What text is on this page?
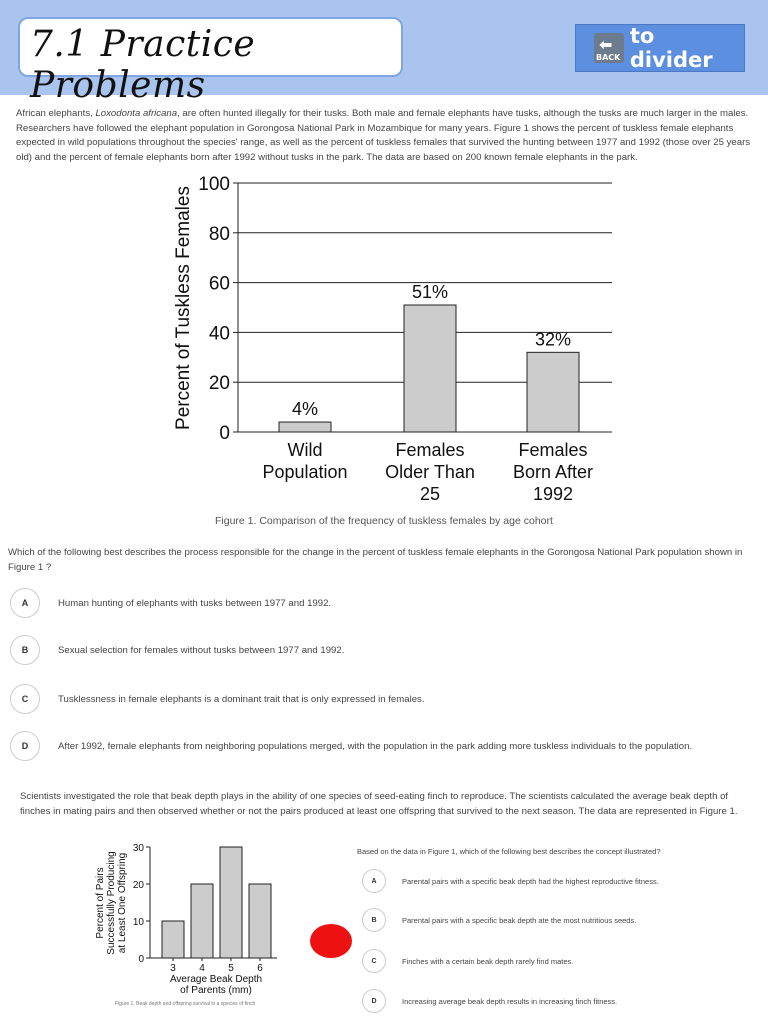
7.1 Practice Problems
⬅
BACK
to divider
African elephants, Loxodonta africana, are often hunted illegally for their tusks. Both male and female elephants have tusks, although the tusks are much larger in the males. Researchers have followed the elephant population in Gorongosa National Park in Mozambique for many years. Figure 1 shows the percent of tuskless female elephants expected in wild populations throughout the species' range, as well as the percent of tuskless females that survived the hunting between 1977 and 1992 (those over 25 years old) and the percent of female elephants born after 1992 without tusks in the park. The data are based on 200 known female elephants in the park.
0
20
40
60
80
100
Percent of Tuskless Females	4%
Wild
Population
51%
Females
Older Than
25
32%
Females
Born After
1992
Figure 1. Comparison of the frequency of tuskless females by age cohort
Which of the following best describes the process responsible for the change in the percent of tuskless female elephants in the Gorongosa National Park population shown in Figure 1 ?
A	Human hunting of elephants with tusks between 1977 and 1992.
B	Sexual selection for females without tusks between 1977 and 1992.
C	Tusklessness in female elephants is a dominant trait that is only expressed in females.
D	After 1992, female elephants from neighboring populations merged, with the population in the park adding more tuskless individuals to the population.
Scientists investigated the role that beak depth plays in the ability of one species of seed-eating finch to reproduce. The scientists calculated the average beak depth of finches in mating pairs and then observed whether or not the pairs produced at least one offspring that survived to the next season. The data are represented in Figure 1.
0
10
20
30
Percent of Pairs Successfully Producing at Least One Offspring
3 4 5 6
Average Beak Depth
of Parents (mm)
Figure 1. Beak depth and offspring survival in a species of finch
Based on the data in Figure 1, which of the following best describes the concept illustrated?
A	Parental pairs with a specific beak depth had the highest reproductive fitness.
B	Parental pairs with a specific beak depth ate the most nutritious seeds.
C	Finches with a certain beak depth rarely find mates.
D	Increasing average beak depth results in increasing finch fitness.
